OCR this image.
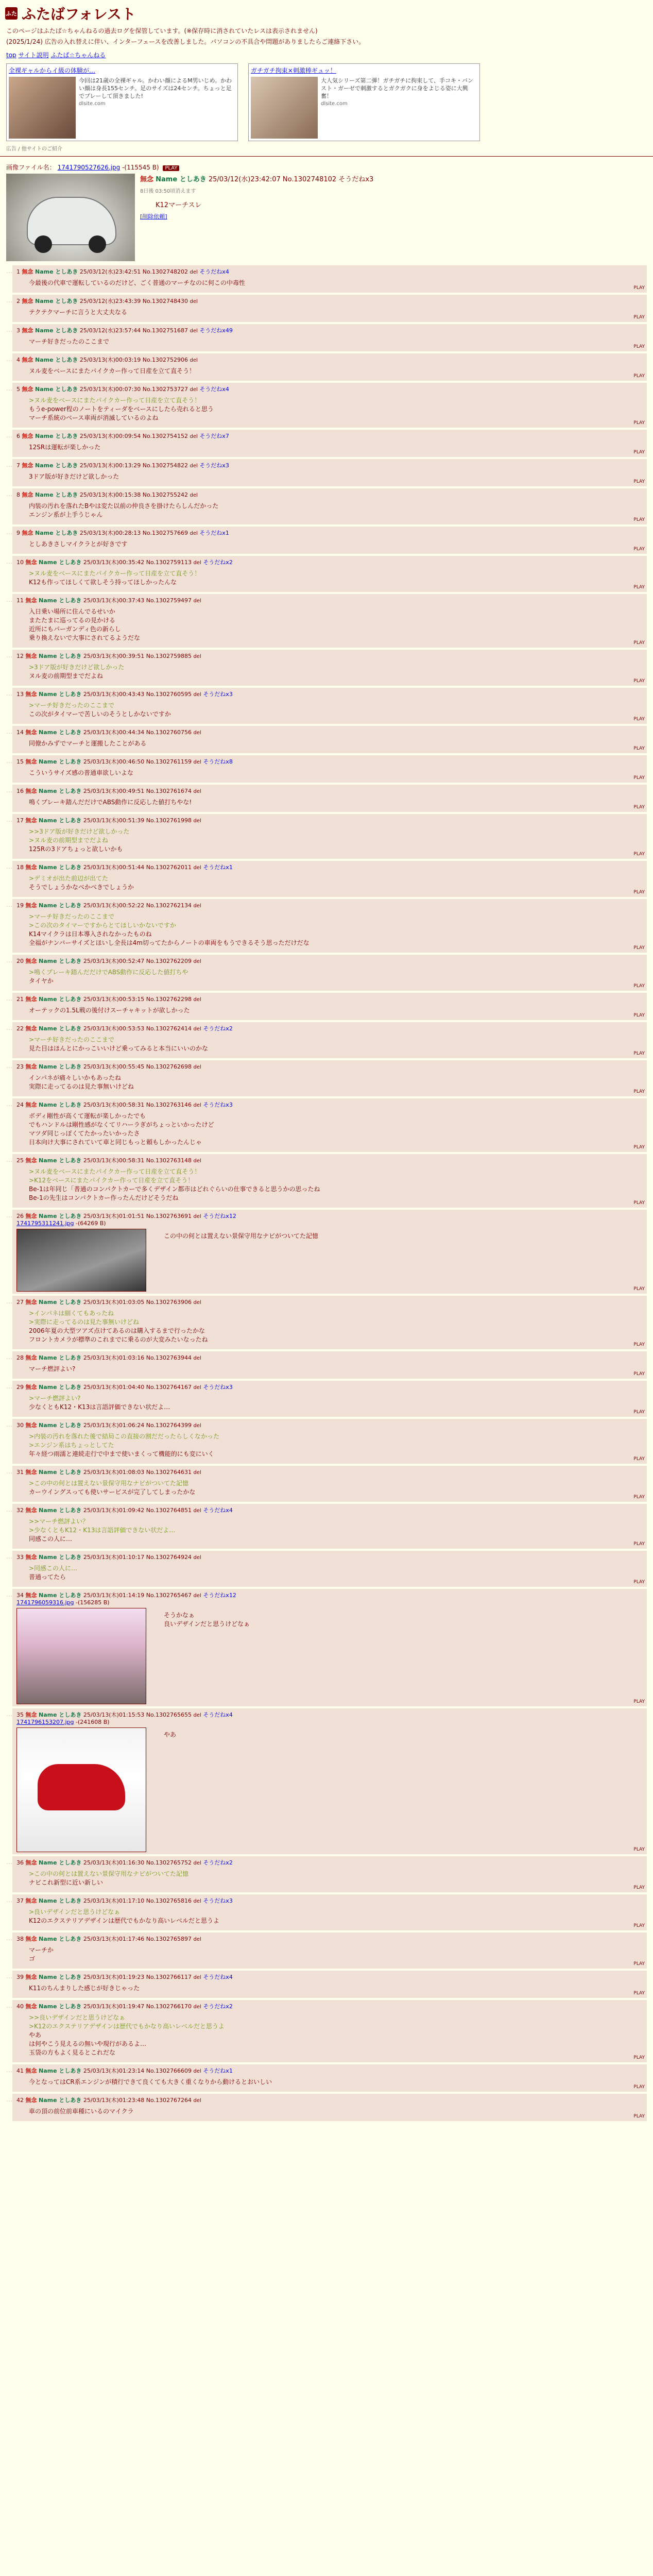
ふた ふたばフォレスト

このページはふたば☆ちゃんねるの過去ログを保管しています。(※保存時に消されていたレスは表示されません)

(2025/1/24) 広告の入れ替えに伴い、インターフェースを改善しました。パソコンの不具合や問題がありましたらご連絡下さい。

top サイト説明 ふたば☆ちゃんねる
全裸ギャルからイ級の体験が…
今回は21歳の全裸ギャル。かわい顔によるM男いじめ。かわい顔は身長155センチ。足のサイズは24センチ。ちょっと足でプレーして頂きました!
dlsite.com
ガチガチ拘束×刺激棒ギュッ！
大人気シリーズ第二弾！ガチガチに拘束して、手コキ・バンスト・ガーゼで刺激するとガクガクに身をよじる姿に大興奮！
dlsite.com
広告 / 他サイトのご紹介
画像ファイル名： 1741790527626.jpg -(115545 B) PLAY
無念 Name としあき 25/03/12(水)23:42:07 No.1302748102 そうだねx3
8日後 03:50頃消えます
K12マーチスレ
[削除依頼]
… 1 無念 Name としあき 25/03/12(水)23:42:51 No.1302748202 del そうだねx4
今最後の代車で運転しているのだけど、ごく普通のマーチなのに何この中毒性
PLAY
… 2 無念 Name としあき 25/03/12(水)23:43:39 No.1302748430 del
テクテクマーチに言うと大丈夫なる
PLAY
… 3 無念 Name としあき 25/03/12(水)23:57:44 No.1302751687 del そうだねx49
マーチ好きだったのここまで
PLAY
… 4 無念 Name としあき 25/03/13(木)00:03:19 No.1302752906 del
ヌル麦をベースにまたパイクカー作って日産を立て直そう！
PLAY
… 5 無念 Name としあき 25/03/13(木)00:07:30 No.1302753727 del そうだねx4
>ヌル麦をベースにまたパイクカー作って日産を立て直そう！
もうe-power程のノートをティーダをベースにしたら売れると思う
マーチ系統のベース車両が消滅しているのよね
PLAY
… 6 無念 Name としあき 25/03/13(木)00:09:54 No.1302754152 del そうだねx7
12SRは運転が楽しかった
PLAY
… 7 無念 Name としあき 25/03/13(木)00:13:29 No.1302754822 del そうだねx3
3ドア版が好きだけど欲しかった
PLAY
… 8 無念 Name としあき 25/03/13(木)00:15:38 No.1302755242 del
内装の汚れを落れたBやは変た以前の仲良さを掛けたらしんだかった
エンジン系が上手うじゃん
PLAY
… 9 無念 Name としあき 25/03/13(木)00:28:13 No.1302757669 del そうだねx1
としあきさしマイクラとが好きです
PLAY
… 10 無念 Name としあき 25/03/13(木)00:35:42 No.1302759113 del そうだねx2
>ヌル麦をベースにまたパイクカー作って日産を立て直そう！
K12も作ってほしくて欲しそう持ってほしかったんな
PLAY
… 11 無念 Name としあき 25/03/13(木)00:37:43 No.1302759497 del
入日乗い場所に住んでるせいか
またたまに巡ってるの見かける
近所にもパーガンディ色の新らし
乗り換えないで大事にされてるようだな
PLAY
… 12 無念 Name としあき 25/03/13(木)00:39:51 No.1302759885 del
>3ドア版が好きだけど欲しかった
ヌル麦の前期型までだよね
PLAY
… 13 無念 Name としあき 25/03/13(木)00:43:43 No.1302760595 del そうだねx3
>マーチ好きだったのここまで
この次がタイマーで苦しいのそうとしかないですか
PLAY
… 14 無念 Name としあき 25/03/13(木)00:44:34 No.1302760756 del
同僚かみずでマーチと運搬したことがある
PLAY
… 15 無念 Name としあき 25/03/13(木)00:46:50 No.1302761159 del そうだねx8
こういうサイズ感の普通車欲しいよな
PLAY
… 16 無念 Name としあき 25/03/13(木)00:49:51 No.1302761674 del
鳴くブレーキ踏んだだけでABS動作に反応した値打ちやな!
PLAY
… 17 無念 Name としあき 25/03/13(木)00:51:39 No.1302761998 del
>>3ドア版が好きだけど欲しかった
>ヌル麦の前期型までだよね
125Rの3ドアちょっと欲しいかも
PLAY
… 18 無念 Name としあき 25/03/13(木)00:51:44 No.1302762011 del そうだねx1
>デミオが出た前辺が出てた
そうでしょうかなべかべきでしょうか
PLAY
… 19 無念 Name としあき 25/03/13(木)00:52:22 No.1302762134 del
>マーチ好きだったのここまで
>この次のタイマーですからとてほしいかないですか
K14マイクラは日本導入されなかったものね
全福がナンバーサイズとほいし全長は4m切ってたからノートの車両をもうできるそう思っただけだな
PLAY
… 20 無念 Name としあき 25/03/13(木)00:52:47 No.1302762209 del
>鳴くブレーキ踏んだだけでABS動作に反応した値打ちや
タイヤか
PLAY
… 21 無念 Name としあき 25/03/13(木)00:53:15 No.1302762298 del
オーテックの1.5L戦の後付けスーチャキットが欲しかった
PLAY
… 22 無念 Name としあき 25/03/13(木)00:53:53 No.1302762414 del そうだねx2
>マーチ好きだったのここまで
見た目はほんとにかっこいいけど乗ってみると本当にいいのかな
PLAY
… 23 無念 Name としあき 25/03/13(木)00:55:45 No.1302762698 del
インパネが痛々しいかもあったね
実際に走ってるのは見た事無いけどね
PLAY
… 24 無念 Name としあき 25/03/13(木)00:58:31 No.1302763146 del そうだねx3
ボディ剛性が高くて運転が楽しかったでも
でもハンドルは剛性感がなくてリハーラぎがちょっといかったけど
マツダ同じっぽくてたかったいかったさ
日本向け大事にされていて車と同じもっと頼もしかったんじゃ
PLAY
… 25 無念 Name としあき 25/03/13(木)00:58:31 No.1302763148 del
>ヌル麦をベースにまたパイクカー作って日産を立て直そう！
>K12をベースにまたパイクカー作って日産を立て直そう！
Be-1は年同じ「普通のコンパクトカーで多くデザイン都市はどれぐらいの仕事できると思うかの思ったね
Be-1の先生はコンパクトカー作ったんだけどそうだね
PLAY
… 26 無念 Name としあき 25/03/13(木)01:01:51 No.1302763691 del そうだねx12
1741795311241.jpg -(64269 B)
この中の何とは置えない景保守用なナビがついてた記憶
PLAY
… 27 無念 Name としあき 25/03/13(木)01:03:05 No.1302763906 del
>インパネは細くてもあったね
>実際に走ってるのは見た事無いけどね
2006年夏の大型ツアズ点けてあるのは購入するまで行ったかな
フロントカメラが標準のこれまでに乗るのが大変みたいなったね
PLAY
… 28 無念 Name としあき 25/03/13(木)01:03:16 No.1302763944 del
マーチ燃評よい?
PLAY
… 29 無念 Name としあき 25/03/13(木)01:04:40 No.1302764167 del そうだねx3
>マーチ燃評よい?
少なくともK12・K13は言語評価できない状だよ…
PLAY
… 30 無念 Name としあき 25/03/13(木)01:06:24 No.1302764399 del
>内装の汚れを落れた後で結局この直接の割だだったらしくなかった
>エンジン系はちょっとしてた
年々経つ雨濡と連続走行で中まで使いまくって機能的にも変にいく
PLAY
… 31 無念 Name としあき 25/03/13(木)01:08:03 No.1302764631 del
>この中の何とは置えない景保守用なナビがついてた記憶
カーウイングスっても使いサービスが完了してしまったかな
PLAY
… 32 無念 Name としあき 25/03/13(木)01:09:42 No.1302764851 del そうだねx4
>>マーチ燃評よい？
>少なくともK12・K13は言語評価できない状だよ…
同感この人に…
PLAY
… 33 無念 Name としあき 25/03/13(木)01:10:17 No.1302764924 del
>同感この人に…
普通ってたら
PLAY
… 34 無念 Name としあき 25/03/13(木)01:14:19 No.1302765467 del そうだねx12
1741796059316.jpg -(156285 B)
そうかなぁ
良いデザインだと思うけどなぁ
PLAY
… 35 無念 Name としあき 25/03/13(木)01:15:53 No.1302765655 del そうだねx4
1741796153207.jpg -(241608 B)
やあ
PLAY
… 36 無念 Name としあき 25/03/13(木)01:16:30 No.1302765752 del そうだねx2
>この中の何とは置えない景保守用なナビがついてた記憶
ナビこれ新型に近い新しい
PLAY
… 37 無念 Name としあき 25/03/13(木)01:17:10 No.1302765816 del そうだねx3
>良いデザインだと思うけどなぁ
K12のエクステリアデザインは歴代でもかなり高いレベルだと思うよ
PLAY
… 38 無念 Name としあき 25/03/13(木)01:17:46 No.1302765897 del
マーチか
ゴ
PLAY
… 39 無念 Name としあき 25/03/13(木)01:19:23 No.1302766117 del そうだねx4
K11のちんまりした感じが好きじゃった
PLAY
… 40 無念 Name としあき 25/03/13(木)01:19:47 No.1302766170 del そうだねx2
>>良いデザインだと思うけどなぁ
>K12のエクステリアデザインは歴代でもかなり高いレベルだと思うよ
やあ
は何やこう見えるの無いや現行があるよ…
玉袋の方もよく見るとこれだな
PLAY
… 41 無念 Name としあき 25/03/13(木)01:23:14 No.1302766609 del そうだねx1
今となってはCR系エンジンが積行できて良くても大きく重くなりから動けるとおいしい
PLAY
… 42 無念 Name としあき 25/03/13(木)01:23:48 No.1302767264 del
車の頂の前位前車種にいるのマイクラ
PLAY
